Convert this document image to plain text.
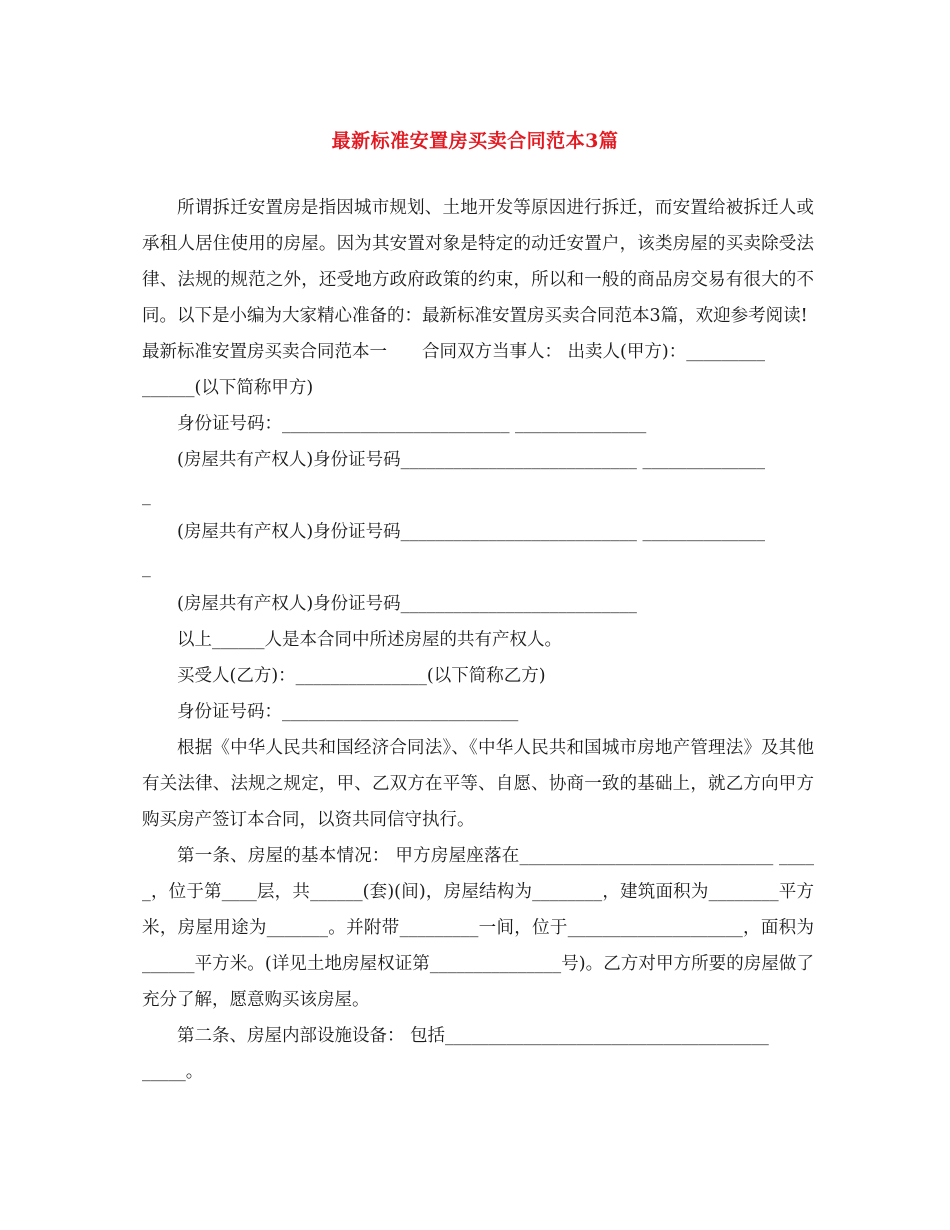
最新标准安置房买卖合同范本3篇

所谓拆迁安置房是指因城市规划、土地开发等原因进行拆迁，而安置给被拆迁人或承租人居住使用的房屋。因为其安置对象是特定的动迁安置户，该类房屋的买卖除受法律、法规的规范之外，还受地方政府政策的约束，所以和一般的商品房交易有很大的不同。以下是小编为大家精心准备的：最新标准安置房买卖合同范本3篇，欢迎参考阅读!

最新标准安置房买卖合同范本一　　合同双方当事人： 出卖人(甲方)：_________

______(以下简称甲方)

身份证号码：__________________________ _______________

(房屋共有产权人)身份证号码___________________________ ______________

_

(房屋共有产权人)身份证号码___________________________ ______________

_

(房屋共有产权人)身份证号码___________________________

以上______人是本合同中所述房屋的共有产权人。

买受人(乙方)：_______________(以下简称乙方)

身份证号码：___________________________

根据《中华人民共和国经济合同法》、《中华人民共和国城市房地产管理法》及其他有关法律、法规之规定，甲、乙双方在平等、自愿、协商一致的基础上，就乙方向甲方购买房产签订本合同，以资共同信守执行。

第一条、房屋的基本情况： 甲方房屋座落在_____________________________ _____，位于第____层，共______(套)(间)，房屋结构为________，建筑面积为________平方米，房屋用途为_______。并附带_________一间，位于____________________，面积为______平方米。(详见土地房屋权证第_______________号)。乙方对甲方所要的房屋做了充分了解，愿意购买该房屋。

第二条、房屋内部设施设备： 包括_____________________________________

_____。
